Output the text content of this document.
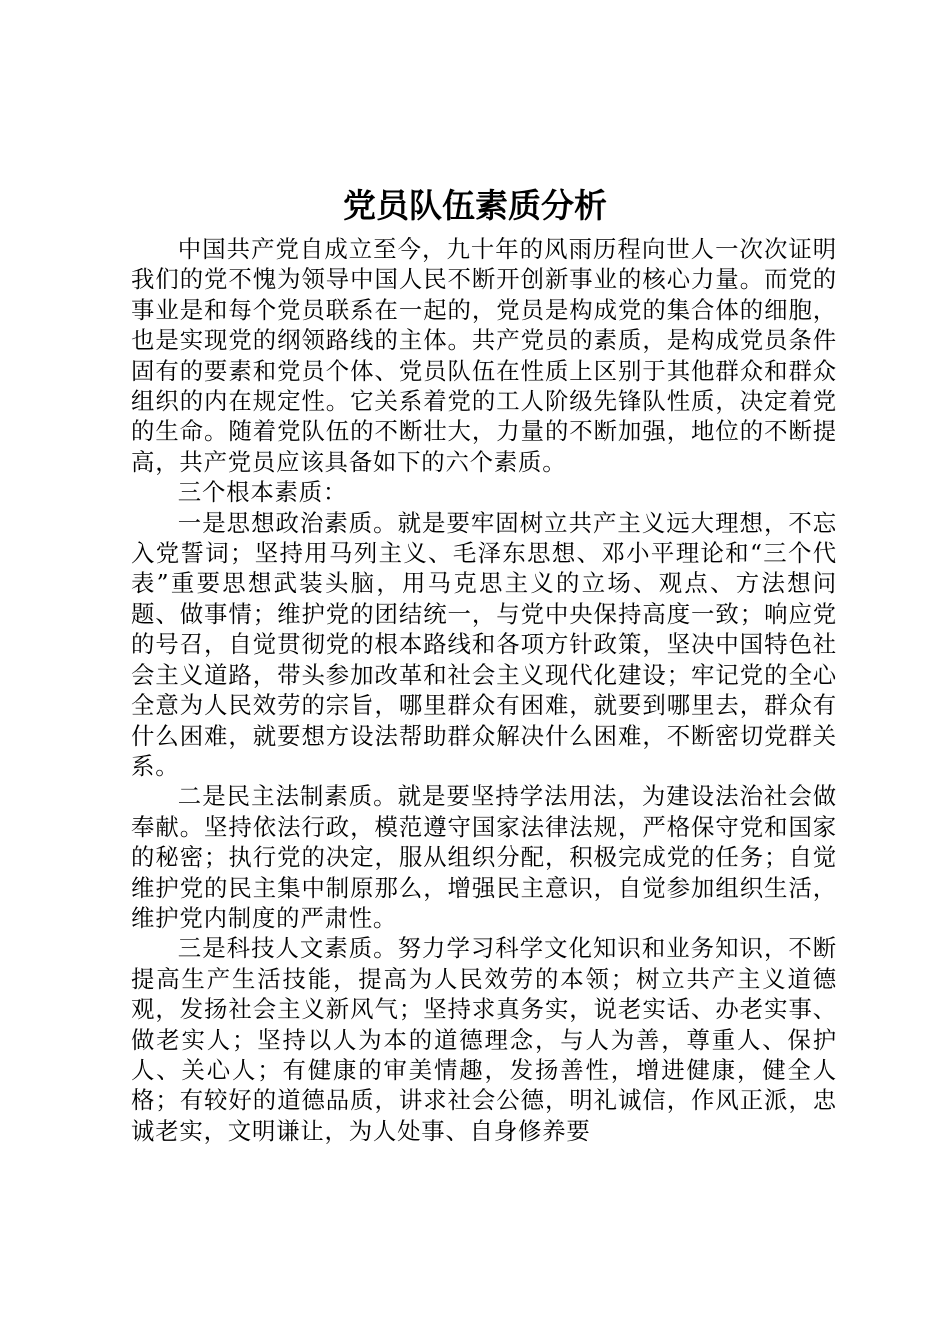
党员队伍素质分析

中国共产党自成立至今，九十年的风雨历程向世人一次次证明我们的党不愧为领导中国人民不断开创新事业的核心力量。而党的事业是和每个党员联系在一起的，党员是构成党的集合体的细胞，也是实现党的纲领路线的主体。共产党员的素质，是构成党员条件固有的要素和党员个体、党员队伍在性质上区别于其他群众和群众组织的内在规定性。它关系着党的工人阶级先锋队性质，决定着党的生命。随着党队伍的不断壮大，力量的不断加强，地位的不断提高，共产党员应该具备如下的六个素质。

三个根本素质：

一是思想政治素质。就是要牢固树立共产主义远大理想，不忘入党誓词；坚持用马列主义、毛泽东思想、邓小平理论和“三个代表”重要思想武装头脑，用马克思主义的立场、观点、方法想问题、做事情；维护党的团结统一，与党中央保持高度一致；响应党的号召，自觉贯彻党的根本路线和各项方针政策，坚决中国特色社会主义道路，带头参加改革和社会主义现代化建设；牢记党的全心全意为人民效劳的宗旨，哪里群众有困难，就要到哪里去，群众有什么困难，就要想方设法帮助群众解决什么困难，不断密切党群关系。

二是民主法制素质。就是要坚持学法用法，为建设法治社会做奉献。坚持依法行政，模范遵守国家法律法规，严格保守党和国家的秘密；执行党的决定，服从组织分配，积极完成党的任务；自觉维护党的民主集中制原那么，增强民主意识，自觉参加组织生活，维护党内制度的严肃性。

三是科技人文素质。努力学习科学文化知识和业务知识，不断提高生产生活技能，提高为人民效劳的本领；树立共产主义道德观，发扬社会主义新风气；坚持求真务实，说老实话、办老实事、做老实人；坚持以人为本的道德理念，与人为善，尊重人、保护人、关心人；有健康的审美情趣，发扬善性，增进健康，健全人格；有较好的道德品质，讲求社会公德，明礼诚信，作风正派，忠诚老实，文明谦让，为人处事、自身修养要
